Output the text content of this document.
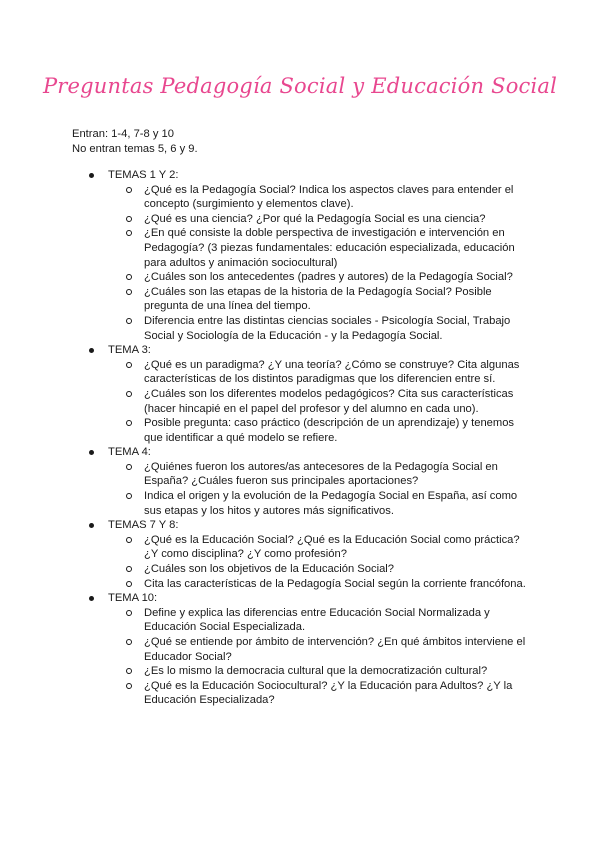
Preguntas Pedagogía Social y Educación Social
Entran: 1-4, 7-8 y 10
No entran temas 5, 6 y 9.
TEMAS 1 Y 2:
¿Qué es la Pedagogía Social? Indica los aspectos claves para entender el concepto (surgimiento y elementos clave).
¿Qué es una ciencia? ¿Por qué la Pedagogía Social es una ciencia?
¿En qué consiste la doble perspectiva de investigación e intervención en Pedagogía? (3 piezas fundamentales: educación especializada, educación para adultos y animación sociocultural)
¿Cuáles son los antecedentes (padres y autores) de la Pedagogía Social?
¿Cuáles son las etapas de la historia de la Pedagogía Social? Posible pregunta de una línea del tiempo.
Diferencia entre las distintas ciencias sociales - Psicología Social, Trabajo Social y Sociología de la Educación - y la Pedagogía Social.
TEMA 3:
¿Qué es un paradigma? ¿Y una teoría? ¿Cómo se construye? Cita algunas características de los distintos paradigmas que los diferencien entre sí.
¿Cuáles son los diferentes modelos pedagógicos? Cita sus características (hacer hincapié en el papel del profesor y del alumno en cada uno).
Posible pregunta: caso práctico (descripción de un aprendizaje) y tenemos que identificar a qué modelo se refiere.
TEMA 4:
¿Quiénes fueron los autores/as antecesores de la Pedagogía Social en España? ¿Cuáles fueron sus principales aportaciones?
Indica el origen y la evolución de la Pedagogía Social en España, así como sus etapas y los hitos y autores más significativos.
TEMAS 7 Y 8:
¿Qué es la Educación Social? ¿Qué es la Educación Social como práctica? ¿Y como disciplina? ¿Y como profesión?
¿Cuáles son los objetivos de la Educación Social?
Cita las características de la Pedagogía Social según la corriente francófona.
TEMA 10:
Define y explica las diferencias entre Educación Social Normalizada y Educación Social Especializada.
¿Qué se entiende por ámbito de intervención? ¿En qué ámbitos interviene el Educador Social?
¿Es lo mismo la democracia cultural que la democratización cultural?
¿Qué es la Educación Sociocultural? ¿Y la Educación para Adultos? ¿Y la Educación Especializada?
